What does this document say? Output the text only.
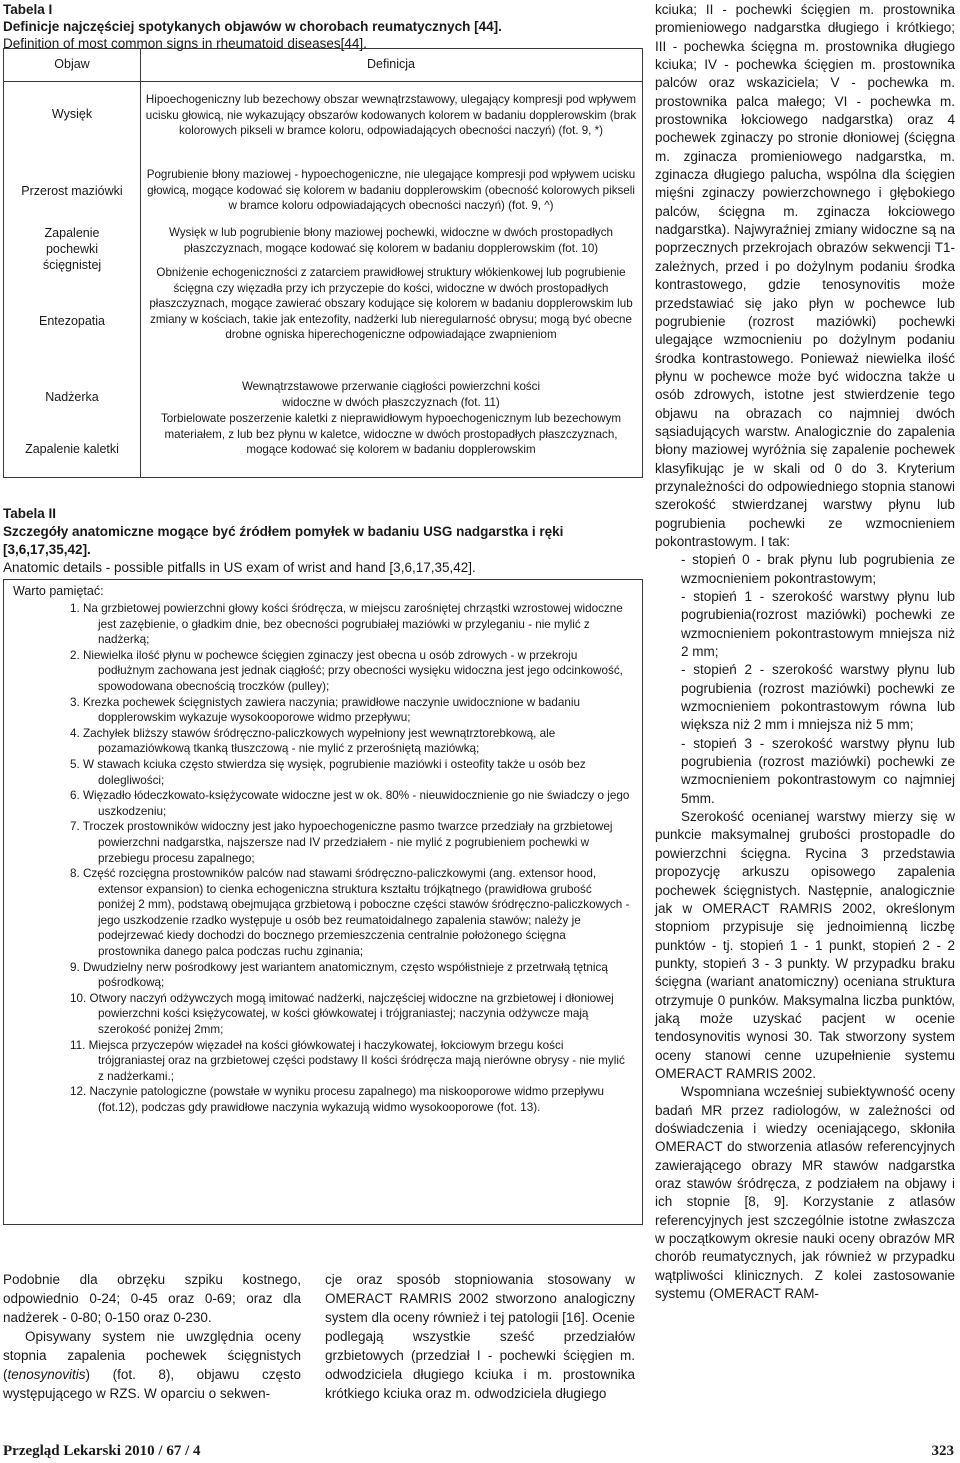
Tabela I
Definicje najczęściej spotykanych objawów w chorobach reumatycznych [44].
Definition of most common signs in rheumatoid diseases[44].
Objaw	Definicja
Wysięk
Hipoechogeniczny lub bezechowy obszar wewnątrzstawowy, ulegający kompresji pod wpływem ucisku głowicą, nie wykazujący obszarów kodowanych kolorem w badaniu dopplerowskim (brak kolorowych pikseli w bramce koloru, odpowiadających obecności naczyń) (fot. 9, *)
Przerost maziówki
Pogrubienie błony maziowej - hypoechogeniczne, nie ulegające kompresji pod wpływem ucisku głowicą, mogące kodować się kolorem w badaniu dopplerowskim (obecność kolorowych pikseli w bramce koloru odpowiadających obecności naczyń) (fot. 9, ^)
Zapalenie pochewki ścięgnistej
Wysięk w lub pogrubienie błony maziowej pochewki, widoczne w dwóch prostopadłych płaszczyznach, mogące kodować się kolorem w badaniu dopplerowskim (fot. 10)
Entezopatia
Obniżenie echogeniczności z zatarciem prawidłowej struktury włókienkowej lub pogrubienie ścięgna czy więzadła przy ich przyczepie do kości, widoczne w dwóch prostopadłych płaszczyznach, mogące zawierać obszary kodujące się kolorem w badaniu dopplerowskim lub zmiany w kościach, takie jak entezofity, nadżerki lub nieregularność obrysu; mogą być obecne drobne ogniska hiperechogeniczne odpowiadające zwapnieniom
Nadżerka
Wewnątrzstawowe przerwanie ciągłości powierzchni kości widoczne w dwóch płaszczyznach (fot. 11)
Zapalenie kaletki
Torbielowate poszerzenie kaletki z nieprawidłowym hypoechogenicznym lub bezechowym materiałem, z lub bez płynu w kaletce, widoczne w dwóch prostopadłych płaszczyznach, mogące kodować się kolorem w badaniu dopplerowskim
Tabela II
Szczegóły anatomiczne mogące być źródłem pomyłek w badaniu USG nadgarstka i ręki [3,6,17,35,42].
Anatomic details - possible pitfalls in US exam of wrist and hand [3,6,17,35,42].
Warto pamiętać:
1. Na grzbietowej powierzchni głowy kości śródręcza, w miejscu zarośniętej chrząstki wzrostowej widoczne jest zazębienie, o gładkim dnie, bez obecności pogrubiałej maziówki w przyleganiu - nie mylić z nadżerką;
2. Niewielka ilość płynu w pochewce ścięgien zginaczy jest obecna u osób zdrowych - w przekroju podłużnym zachowana jest jednak ciągłość; przy obecności wysięku widoczna jest jego odcinkowość, spowodowana obecnością troczków (pulley);
3. Krezka pochewek ścięgnistych zawiera naczynia; prawidłowe naczynie uwidocznione w badaniu dopplerowskim wykazuje wysokooporowe widmo przepływu;
4. Zachyłek bliższy stawów śródręczno-paliczkowych wypełniony jest wewnątrztorebkową, ale pozamaziówkową tkanką tłuszczową - nie mylić z przerośniętą maziówką;
5. W stawach kciuka często stwierdza się wysięk, pogrubienie maziówki i osteofity także u osób bez dolegliwości;
6. Więzadło łódeczkowato-księżycowate widoczne jest w ok. 80% - nieuwidocznienie go nie świadczy o jego uszkodzeniu;
7. Troczek prostowników widoczny jest jako hypoechogeniczne pasmo twarzce przedziały na grzbietowej powierzchni nadgarstka, najszersze nad IV przedziałem - nie mylić z pogrubieniem pochewki w przebiegu procesu zapalnego;
8. Część rozcięgna prostowników palców nad stawami śródręczno-paliczkowymi (ang. extensor hood, extensor expansion) to cienka echogeniczna struktura kształtu trójkątnego (prawidłowa grubość poniżej 2 mm), podstawą obejmująca grzbietową i poboczne części stawów śródręczno-paliczkowych - jego uszkodzenie rzadko występuje u osób bez reumatoidalnego zapalenia stawów; należy je podejrzewać kiedy dochodzi do bocznego przemieszczenia centralnie położonego ścięgna prostownika danego palca podczas ruchu zginania;
9. Dwudzielny nerw pośrodkowy jest wariantem anatomicznym, często współistnieje z przetrwałą tętnicą pośrodkową;
10. Otwory naczyń odżywczych mogą imitować nadżerki, najczęściej widoczne na grzbietowej i dłoniowej powierzchni kości księżycowatej, w kości główkowatej i trójgraniastej; naczynia odżywcze mają szerokość poniżej 2mm;
11. Miejsca przyczepów więzadeł na kości główkowatej i haczykowatej, łokciowym brzegu kości trójgraniastej oraz na grzbietowej części podstawy II kości śródręcza mają nierówne obrysy - nie mylić z nadżerkami.;
12. Naczynie patologiczne (powstałe w wyniku procesu zapalnego) ma niskooporowe widmo przepływu (fot.12), podczas gdy prawidłowe naczynia wykazują widmo wysokooporowe (fot. 13).

Podobnie dla obrzęku szpiku kostnego, odpowiednio 0-24; 0-45 oraz 0-69; oraz dla nadżerek - 0-80; 0-150 oraz 0-230.

Opisywany system nie uwzględnia oceny stopnia zapalenia pochewek ścięgnistych (tenosynovitis) (fot. 8), objawu często występującego w RZS. W oparciu o sekwen-

cje oraz sposób stopniowania stosowany w OMERACT RAMRIS 2002 stworzono analogiczny system dla oceny również i tej patologii [16]. Ocenie podlegają wszystkie sześć przedziałów grzbietowych (przedział I - pochewki ścięgien m. odwodziciela długiego kciuka i m. prostownika krótkiego kciuka oraz m. odwodziciela długiego

kciuka; II - pochewki ścięgien m. prostownika promieniowego nadgarstka długiego i krótkiego; III - pochewka ścięgna m. prostownika długiego kciuka; IV - pochewka ścięgien m. prostownika palców oraz wskaziciela; V - pochewka m. prostownika palca małego; VI - pochewka m. prostownika łokciowego nadgarstka) oraz 4 pochewek zginaczy po stronie dłoniowej (ścięgna m. zginacza promieniowego nadgarstka, m. zginacza długiego palucha, wspólna dla ścięgien mięśni zginaczy powierzchownego i głębokiego palców, ścięgna m. zginacza łokciowego nadgarstka). Najwyraźniej zmiany widoczne są na poprzecznych przekrojach obrazów sekwencji T1-zależnych, przed i po dożylnym podaniu środka kontrastowego, gdzie tenosynovitis może przedstawiać się jako płyn w pochewce lub pogrubienie (rozrost maziówki) pochewki ulegające wzmocnieniu po dożylnym podaniu środka kontrastowego. Ponieważ niewielka ilość płynu w pochewce może być widoczna także u osób zdrowych, istotne jest stwierdzenie tego objawu na obrazach co najmniej dwóch sąsiadujących warstw. Analogicznie do zapalenia błony maziowej wyróżnia się zapalenie pochewek klasyfikując je w skali od 0 do 3. Kryterium przynależności do odpowiedniego stopnia stanowi szerokość stwierdzanej warstwy płynu lub pogrubienia pochewki ze wzmocnieniem pokontrastowym. I tak:

- stopień 0 - brak płynu lub pogrubienia ze wzmocnieniem pokontrastowym;

- stopień 1 - szerokość warstwy płynu lub pogrubienia(rozrost maziówki) pochewki ze wzmocnieniem pokontrastowym mniejsza niż 2 mm;

- stopień 2 - szerokość warstwy płynu lub pogrubienia (rozrost maziówki) pochewki ze wzmocnieniem pokontrastowym równa lub większa niż 2 mm i mniejsza niż 5 mm;

- stopień 3 - szerokość warstwy płynu lub pogrubienia (rozrost maziówki) pochewki ze wzmocnieniem pokontrastowym co najmniej 5mm.

Szerokość ocenianej warstwy mierzy się w punkcie maksymalnej grubości prostopadle do powierzchni ścięgna. Rycina 3 przedstawia propozycję arkuszu opisowego zapalenia pochewek ścięgnistych. Następnie, analogicznie jak w OMERACT RAMRIS 2002, określonym stopniom przypisuje się jednoimienną liczbę punktów - tj. stopień 1 - 1 punkt, stopień 2 - 2 punkty, stopień 3 - 3 punkty. W przypadku braku ścięgna (wariant anatomiczny) oceniana struktura otrzymuje 0 punków. Maksymalna liczba punktów, jaką może uzyskać pacjent w ocenie tendosynovitis wynosi 30. Tak stworzony system oceny stanowi cenne uzupełnienie systemu OMERACT RAMRIS 2002.

Wspomniana wcześniej subiektywność oceny badań MR przez radiologów, w zależności od doświadczenia i wiedzy oceniającego, skłoniła OMERACT do stworzenia atlasów referencyjnych zawierającego obrazy MR stawów nadgarstka oraz stawów śródręcza, z podziałem na objawy i ich stopnie [8, 9]. Korzystanie z atlasów referencyjnych jest szczególnie istotne zwłaszcza w początkowym okresie nauki oceny obrazów MR chorób reumatycznych, jak również w przypadku wątpliwości klinicznych. Z kolei zastosowanie systemu (OMERACT RAM-

Przegląd Lekarski 2010 / 67 / 4	323
